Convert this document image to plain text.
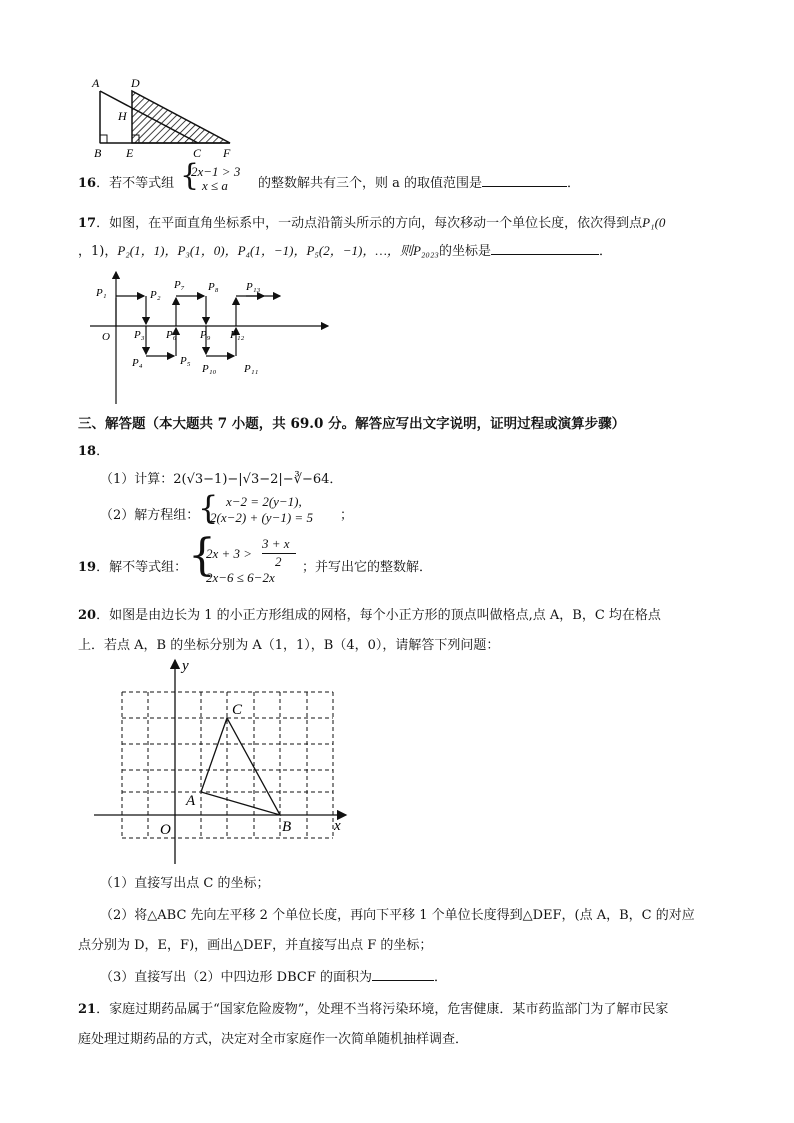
A	D
H
B E	C F
16．若不等式组 {
2x−1 > 3
x ≤ a 的整数解共有三个，则 a 的取值范围是	．
17．如图，在平面直角坐标系中，一动点沿箭头所示的方向，每次移动一个单位长度，依次得到点P₁(0
，1)，P₂(1，1)，P₃(1，0)，P₄(1，−1)，P₅(2，−1)，…，则P₂₀₂₃的坐标是	．
P₁	P₂
P₇ P₈ P₁₃
O P₃ P₆ P₉ P₁₂
P₄	P₅
P₁₀	P₁₁
三、解答题（本大题共 7 小题，共 69.0 分。解答应写出文字说明，证明过程或演算步骤）
18．
（1）计算：2(√3−1)−|√3−2|−∛−64．
（2）解方程组：
{ x−2 = 2(y−1),
2(x−2) + (y−1) = 5 ；
19．解不等式组： {
2x + 3 >
3 + x
2
2x−6 ≤ 6−2x
；并写出它的整数解．
20．如图是由边长为 1 的小正方形组成的网格，每个小正方形的顶点叫做格点,点 A，B，C 均在格点
上．若点 A，B 的坐标分别为 A（1，1），B（4，0），请解答下列问题：
y
x
O
A
B
C
（1）直接写出点 C 的坐标；
（2）将△ABC 先向左平移 2 个单位长度，再向下平移 1 个单位长度得到△DEF，(点 A，B，C 的对应
点分别为 D，E，F)，画出△DEF，并直接写出点 F 的坐标；
（3）直接写出（2）中四边形 DBCF 的面积为	．
21．家庭过期药品属于“国家危险废物”，处理不当将污染环境，危害健康．某市药监部门为了解市民家
庭处理过期药品的方式，决定对全市家庭作一次简单随机抽样调查．
